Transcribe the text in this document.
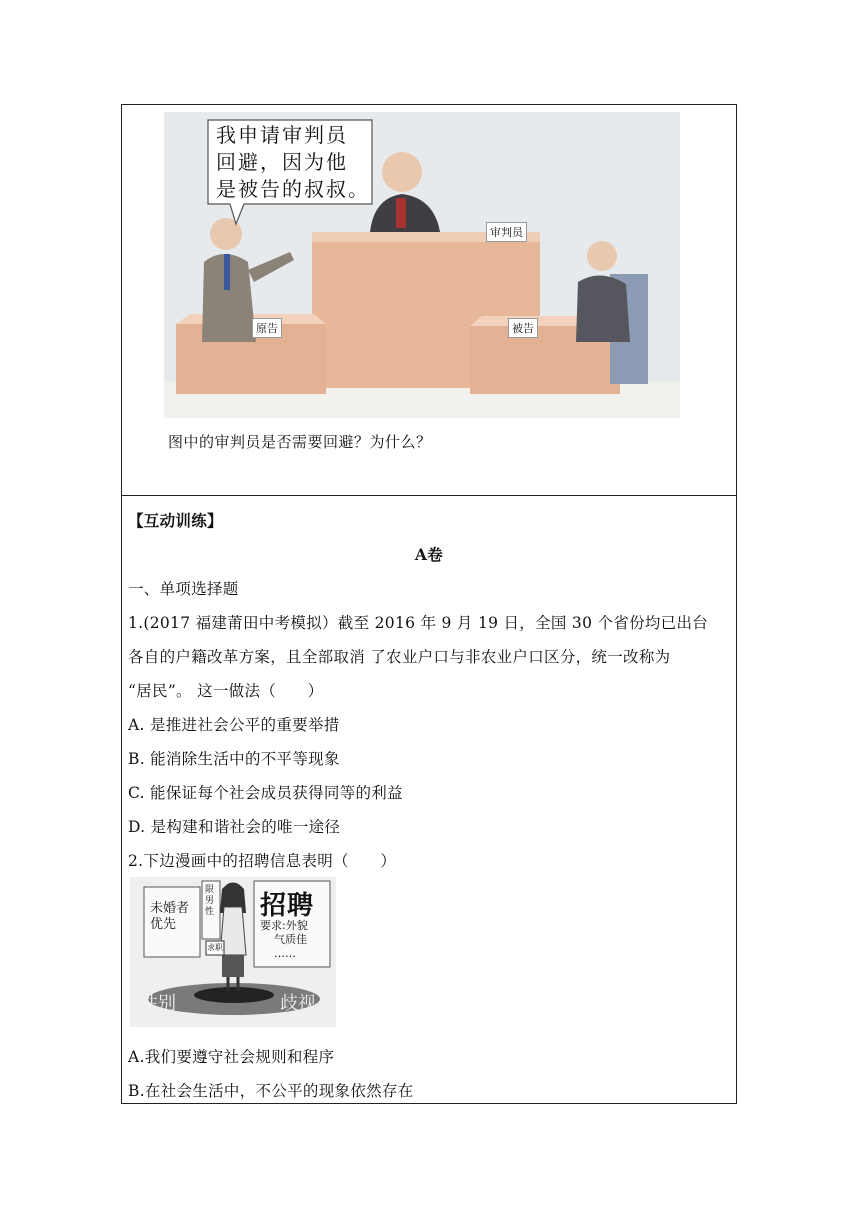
我申请审判员
回避，因为他
是被告的叔叔。
审判员
原告	被告
图中的审判员是否需要回避？为什么？
【互动训练】
A卷
一、单项选择题
1.(2017 福建莆田中考模拟）截至 2016 年 9 月 19 日，全国 30 个省份均已出台
各自的户籍改革方案，且全部取消 了农业户口与非农业户口区分，统一改称为
“居民”。 这一做法（　　）
A. 是推进社会公平的重要举措
B. 能消除生活中的不平等现象
C. 能保证每个社会成员获得同等的利益
D. 是构建和谐社会的唯一途径
2.下边漫画中的招聘信息表明（　　）
未婚者
优先
限男性 招聘
要求:外貌
气质佳
……
求职
性别	歧视
A.我们要遵守社会规则和程序
B.在社会生活中，不公平的现象依然存在
